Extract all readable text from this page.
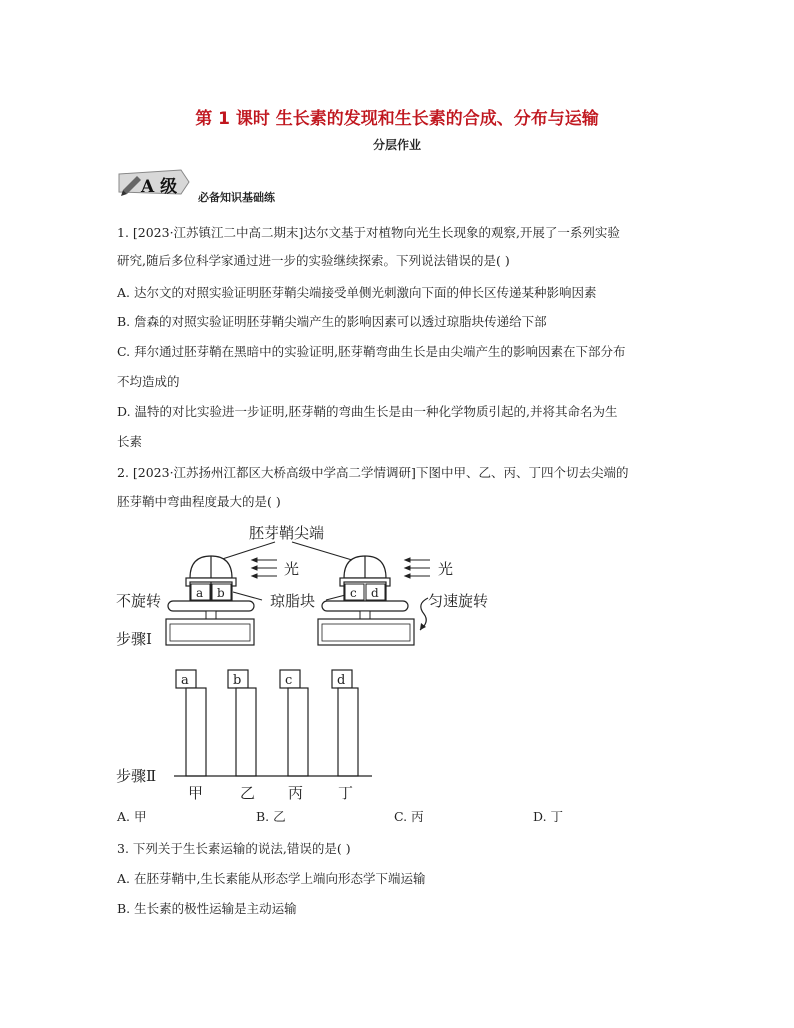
第 1 课时 生长素的发现和生长素的合成、分布与运输
分层作业
A 级
必备知识基础练
1. [2023·江苏镇江二中高二期末]达尔文基于对植物向光生长现象的观察,开展了一系列实验
研究,随后多位科学家通过进一步的实验继续探索。下列说法错误的是( )
A. 达尔文的对照实验证明胚芽鞘尖端接受单侧光刺激向下面的伸长区传递某种影响因素
B. 詹森的对照实验证明胚芽鞘尖端产生的影响因素可以透过琼脂块传递给下部
C. 拜尔通过胚芽鞘在黑暗中的实验证明,胚芽鞘弯曲生长是由尖端产生的影响因素在下部分布
不均造成的
D. 温特的对比实验进一步证明,胚芽鞘的弯曲生长是由一种化学物质引起的,并将其命名为生
长素
2. [2023·江苏扬州江都区大桥高级中学高二学情调研]下图中甲、乙、丙、丁四个切去尖端的
胚芽鞘中弯曲程度最大的是( )
胚芽鞘尖端
a b
光
不旋转	琼脂块	c d
光
匀速旋转
步骤Ⅰ
a	b	c	d
步骤Ⅱ
甲 乙 丙 丁
A. 甲	B. 乙	C. 丙	D. 丁
3. 下列关于生长素运输的说法,错误的是( )
A. 在胚芽鞘中,生长素能从形态学上端向形态学下端运输
B. 生长素的极性运输是主动运输
